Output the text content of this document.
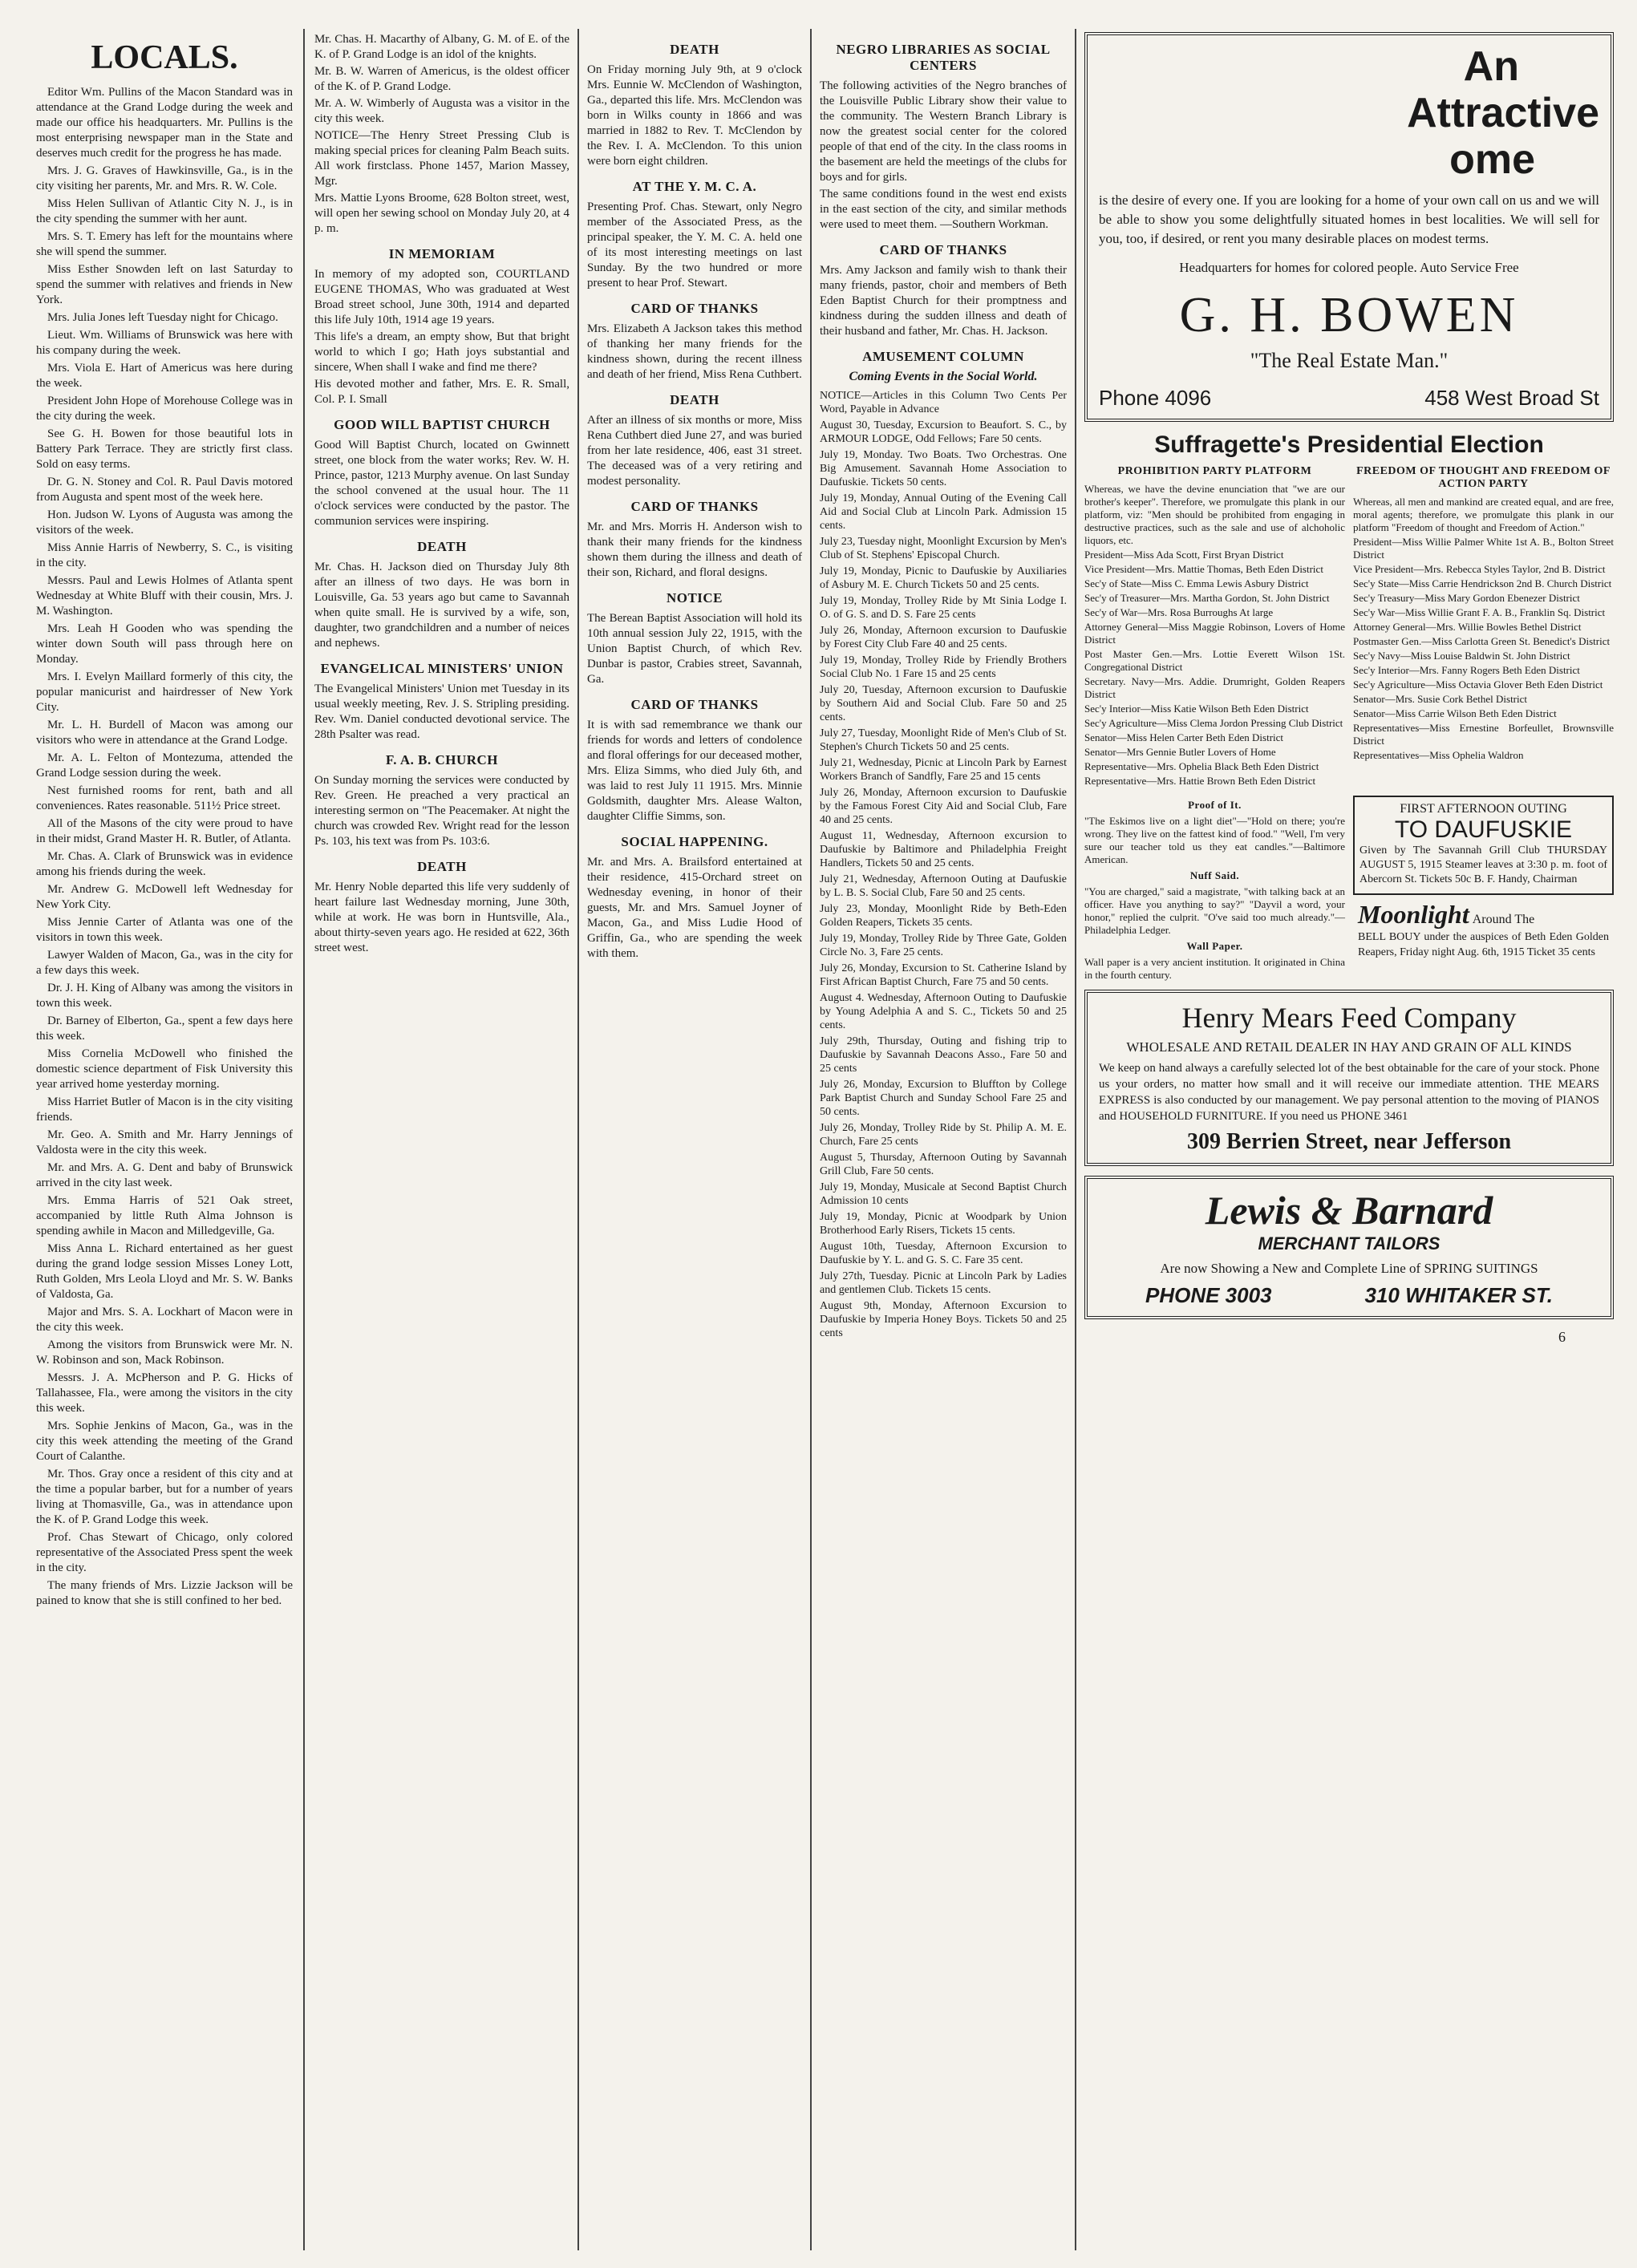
LOCALS.

Editor Wm. Pullins of the Macon Standard was in attendance at the Grand Lodge during the week and made our office his headquarters. Mr. Pullins is the most enterprising newspaper man in the State and deserves much credit for the progress he has made.

Mrs. J. G. Graves of Hawkinsville, Ga., is in the city visiting her parents, Mr. and Mrs. R. W. Cole.

Miss Helen Sullivan of Atlantic City N. J., is in the city spending the summer with her aunt.

Mrs. S. T. Emery has left for the mountains where she will spend the summer.

Miss Esther Snowden left on last Saturday to spend the summer with relatives and friends in New York.

Mrs. Julia Jones left Tuesday night for Chicago.

Lieut. Wm. Williams of Brunswick was here with his company during the week.

Mrs. Viola E. Hart of Americus was here during the week.

President John Hope of Morehouse College was in the city during the week.

See G. H. Bowen for those beautiful lots in Battery Park Terrace. They are strictly first class. Sold on easy terms.

Dr. G. N. Stoney and Col. R. Paul Davis motored from Augusta and spent most of the week here.

Hon. Judson W. Lyons of Augusta was among the visitors of the week.

Miss Annie Harris of Newberry, S. C., is visiting in the city.

Messrs. Paul and Lewis Holmes of Atlanta spent Wednesday at White Bluff with their cousin, Mrs. J. M. Washington.

Mrs. Leah H Gooden who was spending the winter down South will pass through here on Monday.

Mrs. I. Evelyn Maillard formerly of this city, the popular manicurist and hairdresser of New York City.

Mr. L. H. Burdell of Macon was among our visitors who were in attendance at the Grand Lodge.

Mr. A. L. Felton of Montezuma, attended the Grand Lodge session during the week.

Nest furnished rooms for rent, bath and all conveniences. Rates reasonable. 511½ Price street.

All of the Masons of the city were proud to have in their midst, Grand Master H. R. Butler, of Atlanta.

Mr. Chas. A. Clark of Brunswick was in evidence among his friends during the week.

Mr. Andrew G. McDowell left Wednesday for New York City.

Miss Jennie Carter of Atlanta was one of the visitors in town this week.

Lawyer Walden of Macon, Ga., was in the city for a few days this week.

Dr. J. H. King of Albany was among the visitors in town this week.

Dr. Barney of Elberton, Ga., spent a few days here this week.

Miss Cornelia McDowell who finished the domestic science department of Fisk University this year arrived home yesterday morning.

Miss Harriet Butler of Macon is in the city visiting friends.

Mr. Geo. A. Smith and Mr. Harry Jennings of Valdosta were in the city this week.

Mr. and Mrs. A. G. Dent and baby of Brunswick arrived in the city last week.

Mrs. Emma Harris of 521 Oak street, accompanied by little Ruth Alma Johnson is spending awhile in Macon and Milledgeville, Ga.

Miss Anna L. Richard entertained as her guest during the grand lodge session Misses Loney Lott, Ruth Golden, Mrs Leola Lloyd and Mr. S. W. Banks of Valdosta, Ga.

Major and Mrs. S. A. Lockhart of Macon were in the city this week.

Among the visitors from Brunswick were Mr. N. W. Robinson and son, Mack Robinson.

Messrs. J. A. McPherson and P. G. Hicks of Tallahassee, Fla., were among the visitors in the city this week.

Mrs. Sophie Jenkins of Macon, Ga., was in the city this week attending the meeting of the Grand Court of Calanthe.

Mr. Thos. Gray once a resident of this city and at the time a popular barber, but for a number of years living at Thomasville, Ga., was in attendance upon the K. of P. Grand Lodge this week.

Prof. Chas Stewart of Chicago, only colored representative of the Associated Press spent the week in the city.

The many friends of Mrs. Lizzie Jackson will be pained to know that she is still confined to her bed.

Mr. Chas. H. Macarthy of Albany, G. M. of E. of the K. of P. Grand Lodge is an idol of the knights.

Mr. B. W. Warren of Americus, is the oldest officer of the K. of P. Grand Lodge.

Mr. A. W. Wimberly of Augusta was a visitor in the city this week.

NOTICE—The Henry Street Pressing Club is making special prices for cleaning Palm Beach suits. All work firstclass. Phone 1457, Marion Massey, Mgr.

Mrs. Mattie Lyons Broome, 628 Bolton street, west, will open her sewing school on Monday July 20, at 4 p. m.

IN MEMORIAM

In memory of my adopted son, COURTLAND EUGENE THOMAS, Who was graduated at West Broad street school, June 30th, 1914 and departed this life July 10th, 1914 age 19 years.

This life's a dream, an empty show, But that bright world to which I go; Hath joys substantial and sincere, When shall I wake and find me there?

His devoted mother and father, Mrs. E. R. Small, Col. P. I. Small

GOOD WILL BAPTIST CHURCH

Good Will Baptist Church, located on Gwinnett street, one block from the water works; Rev. W. H. Prince, pastor, 1213 Murphy avenue. On last Sunday the school convened at the usual hour. The 11 o'clock services were conducted by the pastor. The communion services were inspiring.

DEATH

Mr. Chas. H. Jackson died on Thursday July 8th after an illness of two days. He was born in Louisville, Ga. 53 years ago but came to Savannah when quite small. He is survived by a wife, son, daughter, two grandchildren and a number of neices and nephews.

EVANGELICAL MINISTERS' UNION

The Evangelical Ministers' Union met Tuesday in its usual weekly meeting, Rev. J. S. Stripling presiding. Rev. Wm. Daniel conducted devotional service. The 28th Psalter was read.

F. A. B. CHURCH

On Sunday morning the services were conducted by Rev. Green. He preached a very practical an interesting sermon on "The Peacemaker. At night the church was crowded Rev. Wright read for the lesson Ps. 103, his text was from Ps. 103:6.

DEATH

Mr. Henry Noble departed this life very suddenly of heart failure last Wednesday morning, June 30th, while at work. He was born in Huntsville, Ala., about thirty-seven years ago. He resided at 622, 36th street west.

DEATH

On Friday morning July 9th, at 9 o'clock Mrs. Eunnie W. McClendon of Washington, Ga., departed this life. Mrs. McClendon was born in Wilks county in 1866 and was married in 1882 to Rev. T. McClendon by the Rev. I. A. McClendon. To this union were born eight children.

AT THE Y. M. C. A.

Presenting Prof. Chas. Stewart, only Negro member of the Associated Press, as the principal speaker, the Y. M. C. A. held one of its most interesting meetings on last Sunday. By the two hundred or more present to hear Prof. Stewart.

CARD OF THANKS

Mrs. Elizabeth A Jackson takes this method of thanking her many friends for the kindness shown, during the recent illness and death of her friend, Miss Rena Cuthbert.

DEATH

After an illness of six months or more, Miss Rena Cuthbert died June 27, and was buried from her late residence, 406, east 31 street. The deceased was of a very retiring and modest personality.

CARD OF THANKS

Mr. and Mrs. Morris H. Anderson wish to thank their many friends for the kindness shown them during the illness and death of their son, Richard, and floral designs.

NOTICE

The Berean Baptist Association will hold its 10th annual session July 22, 1915, with the Union Baptist Church, of which Rev. Dunbar is pastor, Crabies street, Savannah, Ga.

CARD OF THANKS

It is with sad remembrance we thank our friends for words and letters of condolence and floral offerings for our deceased mother, Mrs. Eliza Simms, who died July 6th, and was laid to rest July 11 1915. Mrs. Minnie Goldsmith, daughter Mrs. Alease Walton, daughter Cliffie Simms, son.

SOCIAL HAPPENING.

Mr. and Mrs. A. Brailsford entertained at their residence, 415-Orchard street on Wednesday evening, in honor of their guests, Mr. and Mrs. Samuel Joyner of Macon, Ga., and Miss Ludie Hood of Griffin, Ga., who are spending the week with them.

NEGRO LIBRARIES AS SOCIAL CENTERS

The following activities of the Negro branches of the Louisville Public Library show their value to the community. The Western Branch Library is now the greatest social center for the colored people of that end of the city. In the class rooms in the basement are held the meetings of the clubs for boys and for girls.

The same conditions found in the west end exists in the east section of the city, and similar methods were used to meet them. —Southern Workman.

CARD OF THANKS

Mrs. Amy Jackson and family wish to thank their many friends, pastor, choir and members of Beth Eden Baptist Church for their promptness and kindness during the sudden illness and death of their husband and father, Mr. Chas. H. Jackson.

AMUSEMENT COLUMN
Coming Events in the Social World.

NOTICE—Articles in this Column Two Cents Per Word, Payable in Advance

August 30, Tuesday, Excursion to Beaufort. S. C., by ARMOUR LODGE, Odd Fellows; Fare 50 cents.

July 19, Monday. Two Boats. Two Orchestras. One Big Amusement. Savannah Home Association to Daufuskie. Tickets 50 cents.

July 19, Monday, Annual Outing of the Evening Call Aid and Social Club at Lincoln Park. Admission 15 cents.

July 23, Tuesday night, Moonlight Excursion by Men's Club of St. Stephens' Episcopal Church.

July 19, Monday, Picnic to Daufuskie by Auxiliaries of Asbury M. E. Church Tickets 50 and 25 cents.

July 19, Monday, Trolley Ride by Mt Sinia Lodge I. O. of G. S. and D. S. Fare 25 cents

July 26, Monday, Afternoon excursion to Daufuskie by Forest City Club Fare 40 and 25 cents.

July 19, Monday, Trolley Ride by Friendly Brothers Social Club No. 1 Fare 15 and 25 cents

July 20, Tuesday, Afternoon excursion to Daufuskie by Southern Aid and Social Club. Fare 50 and 25 cents.

July 27, Tuesday, Moonlight Ride of Men's Club of St. Stephen's Church Tickets 50 and 25 cents.

July 21, Wednesday, Picnic at Lincoln Park by Earnest Workers Branch of Sandfly, Fare 25 and 15 cents

July 26, Monday, Afternoon excursion to Daufuskie by the Famous Forest City Aid and Social Club, Fare 40 and 25 cents.

August 11, Wednesday, Afternoon excursion to Daufuskie by Baltimore and Philadelphia Freight Handlers, Tickets 50 and 25 cents.

July 21, Wednesday, Afternoon Outing at Daufuskie by L. B. S. Social Club, Fare 50 and 25 cents.

July 23, Monday, Moonlight Ride by Beth-Eden Golden Reapers, Tickets 35 cents.

July 19, Monday, Trolley Ride by Three Gate, Golden Circle No. 3, Fare 25 cents.

July 26, Monday, Excursion to St. Catherine Island by First African Baptist Church, Fare 75 and 50 cents.

August 4. Wednesday, Afternoon Outing to Daufuskie by Young Adelphia A and S. C., Tickets 50 and 25 cents.

July 29th, Thursday, Outing and fishing trip to Daufuskie by Savannah Deacons Asso., Fare 50 and 25 cents

July 26, Monday, Excursion to Bluffton by College Park Baptist Church and Sunday School Fare 25 and 50 cents.

July 26, Monday, Trolley Ride by St. Philip A. M. E. Church, Fare 25 cents

August 5, Thursday, Afternoon Outing by Savannah Grill Club, Fare 50 cents.

July 19, Monday, Musicale at Second Baptist Church Admission 10 cents

July 19, Monday, Picnic at Woodpark by Union Brotherhood Early Risers, Tickets 15 cents.

August 10th, Tuesday, Afternoon Excursion to Daufuskie by Y. L. and G. S. C. Fare 35 cent.

July 27th, Tuesday. Picnic at Lincoln Park by Ladies and gentlemen Club. Tickets 15 cents.

August 9th, Monday, Afternoon Excursion to Daufuskie by Imperia Honey Boys. Tickets 50 and 25 cents

An
Attractive
ome
is the desire of every one. If you are looking for a home of your own call on us and we will be able to show you some delightfully situated homes in best localities. We will sell for you, too, if desired, or rent you many desirable places on modest terms.
Headquarters for homes for colored people. Auto Service Free
G. H. BOWEN
"The Real Estate Man."
Phone 4096	458 West Broad St
Suffragette's Presidential Election
PROHIBITION PARTY PLATFORM
Whereas, we have the devine enunciation that "we are our brother's keeper". Therefore, we promulgate this plank in our platform, viz: "Men should be prohibited from engaging in destructive practices, such as the sale and use of alchoholic liquors, etc.

President—Miss Ada Scott, First Bryan District

Vice President—Mrs. Mattie Thomas, Beth Eden District

Sec'y of State—Miss C. Emma Lewis Asbury District

Sec'y of Treasurer—Mrs. Martha Gordon, St. John District

Sec'y of War—Mrs. Rosa Burroughs At large

Attorney General—Miss Maggie Robinson, Lovers of Home District

Post Master Gen.—Mrs. Lottie Everett Wilson 1St. Congregational District

Secretary. Navy—Mrs. Addie. Drumright, Golden Reapers District

Sec'y Interior—Miss Katie Wilson Beth Eden District

Sec'y Agriculture—Miss Clema Jordon Pressing Club District

Senator—Miss Helen Carter Beth Eden District

Senator—Mrs Gennie Butler Lovers of Home

Representative—Mrs. Ophelia Black Beth Eden District

Representative—Mrs. Hattie Brown Beth Eden District

FREEDOM OF THOUGHT AND FREEDOM OF ACTION PARTY
Whereas, all men and mankind are created equal, and are free, moral agents; therefore, we promulgate this plank in our platform "Freedom of thought and Freedom of Action."

President—Miss Willie Palmer White 1st A. B., Bolton Street District

Vice President—Mrs. Rebecca Styles Taylor, 2nd B. District

Sec'y State—Miss Carrie Hendrickson 2nd B. Church District

Sec'y Treasury—Miss Mary Gordon Ebenezer District

Sec'y War—Miss Willie Grant F. A. B., Franklin Sq. District

Attorney General—Mrs. Willie Bowles Bethel District

Postmaster Gen.—Miss Carlotta Green St. Benedict's District

Sec'y Navy—Miss Louise Baldwin St. John District

Sec'y Interior—Mrs. Fanny Rogers Beth Eden District

Sec'y Agriculture—Miss Octavia Glover Beth Eden District

Senator—Mrs. Susie Cork Bethel District

Senator—Miss Carrie Wilson Beth Eden District

Representatives—Miss Ernestine Borfeullet, Brownsville District

Representatives—Miss Ophelia Waldron

Proof of It.
"The Eskimos live on a light diet"—"Hold on there; you're wrong. They live on the fattest kind of food." "Well, I'm very sure our teacher told us they eat candles."—Baltimore American.
Nuff Said.
"You are charged," said a magistrate, "with talking back at an officer. Have you anything to say?" "Dayvil a word, your honor," replied the culprit. "O've said too much already."—Philadelphia Ledger.
Wall Paper.
Wall paper is a very ancient institution. It originated in China in the fourth century.
FIRST AFTERNOON OUTING
TO DAUFUSKIE
Given by The Savannah Grill Club THURSDAY AUGUST 5, 1915 Steamer leaves at 3:30 p. m. foot of Abercorn St. Tickets 50c B. F. Handy, Chairman
Moonlight Around The
BELL BOUY under the auspices of Beth Eden Golden Reapers, Friday night Aug. 6th, 1915 Ticket 35 cents
Henry Mears Feed Company
WHOLESALE AND RETAIL DEALER IN HAY AND GRAIN OF ALL KINDS
We keep on hand always a carefully selected lot of the best obtainable for the care of your stock. Phone us your orders, no matter how small and it will receive our immediate attention. THE MEARS EXPRESS is also conducted by our management. We pay personal attention to the moving of PIANOS and HOUSEHOLD FURNITURE. If you need us PHONE 3461
309 Berrien Street, near Jefferson
Lewis & Barnard
MERCHANT TAILORS
Are now Showing a New and Complete Line of SPRING SUITINGS
PHONE 3003	310 WHITAKER ST.
6
